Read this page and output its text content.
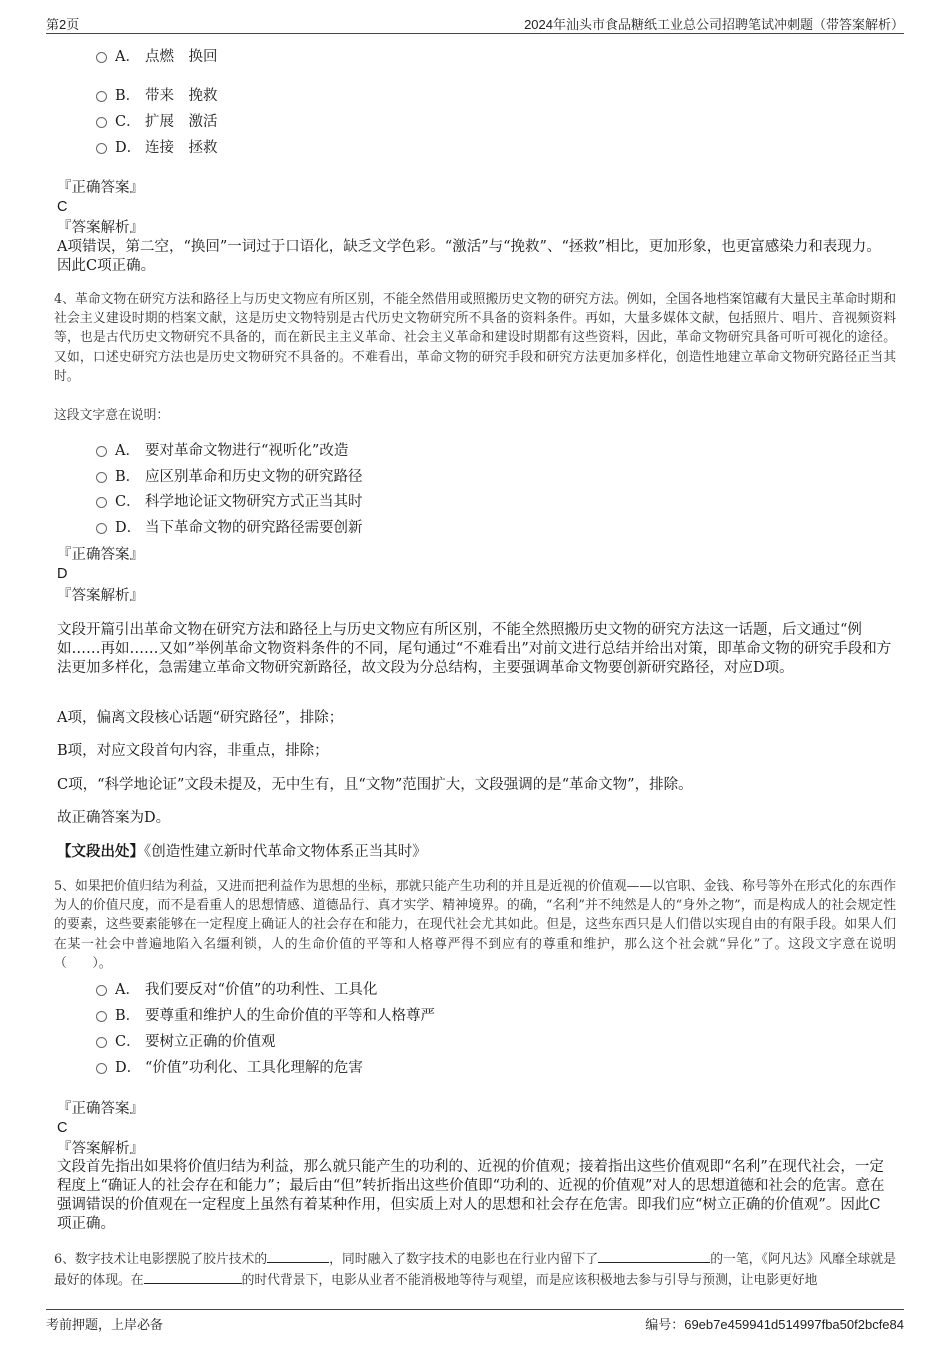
第2页	2024年汕头市食品糖纸工业总公司招聘笔试冲刺题（带答案解析）
A． 点燃　换回
B． 带来　挽救
C． 扩展　激活
D． 连接　拯救
『正确答案』
C
『答案解析』
A项错误，第二空，“换回”一词过于口语化，缺乏文学色彩。“激活”与“挽救”、“拯救”相比，更加形象，也更富感染力和表现力。因此C项正确。
4、革命文物在研究方法和路径上与历史文物应有所区别，不能全然借用或照搬历史文物的研究方法。例如，全国各地档案馆藏有大量民主革命时期和社会主义建设时期的档案文献，这是历史文物特别是古代历史文物研究所不具备的资料条件。再如，大量多媒体文献，包括照片、唱片、音视频资料等，也是古代历史文物研究不具备的，而在新民主主义革命、社会主义革命和建设时期都有这些资料，因此，革命文物研究具备可听可视化的途径。又如，口述史研究方法也是历史文物研究不具备的。不难看出，革命文物的研究手段和研究方法更加多样化，创造性地建立革命文物研究路径正当其时。
这段文字意在说明：
A． 要对革命文物进行“视听化”改造
B． 应区别革命和历史文物的研究路径
C． 科学地论证文物研究方式正当其时
D． 当下革命文物的研究路径需要创新
『正确答案』
D
『答案解析』
文段开篇引出革命文物在研究方法和路径上与历史文物应有所区别，不能全然照搬历史文物的研究方法这一话题，后文通过“例如……再如……又如”举例革命文物资料条件的不同，尾句通过“不难看出”对前文进行总结并给出对策，即革命文物的研究手段和方法更加多样化，急需建立革命文物研究新路径，故文段为分总结构，主要强调革命文物要创新研究路径，对应D项。
A项，偏离文段核心话题“研究路径”，排除；
B项，对应文段首句内容，非重点，排除；
C项，“科学地论证”文段未提及，无中生有，且“文物”范围扩大，文段强调的是“革命文物”，排除。
故正确答案为D。
【文段出处】《创造性建立新时代革命文物体系正当其时》
5、如果把价值归结为利益，又进而把利益作为思想的坐标，那就只能产生功利的并且是近视的价值观——以官职、金钱、称号等外在形式化的东西作为人的价值尺度，而不是看重人的思想情感、道德品行、真才实学、精神境界。的确，“名利”并不纯然是人的“身外之物”，而是构成人的社会规定性的要素，这些要素能够在一定程度上确证人的社会存在和能力，在现代社会尤其如此。但是，这些东西只是人们借以实现自由的有限手段。如果人们在某一社会中普遍地陷入名缰利锁，人的生命价值的平等和人格尊严得不到应有的尊重和维护，那么这个社会就“异化”了。这段文字意在说明（　　）。
A． 我们要反对“价值”的功利性、工具化
B． 要尊重和维护人的生命价值的平等和人格尊严
C． 要树立正确的价值观
D． “价值”功利化、工具化理解的危害
『正确答案』
C
『答案解析』
文段首先指出如果将价值归结为利益，那么就只能产生的功利的、近视的价值观；接着指出这些价值观即“名利”在现代社会，一定程度上“确证人的社会存在和能力”；最后由“但”转折指出这些价值即“功利的、近视的价值观”对人的思想道德和社会的危害。意在强调错误的价值观在一定程度上虽然有着某种作用，但实质上对人的思想和社会存在危害。即我们应“树立正确的价值观”。因此C项正确。
6、数字技术让电影摆脱了胶片技术的	，同时融入了数字技术的电影也在行业内留下了	的一笔，《阿凡达》风靡全球就是最好的体现。在	的时代背景下，电影从业者不能消极地等待与观望，而是应该积极地去参与引导与预测，让电影更好地
考前押题，上岸必备	编号：69eb7e459941d514997fba50f2bcfe84
